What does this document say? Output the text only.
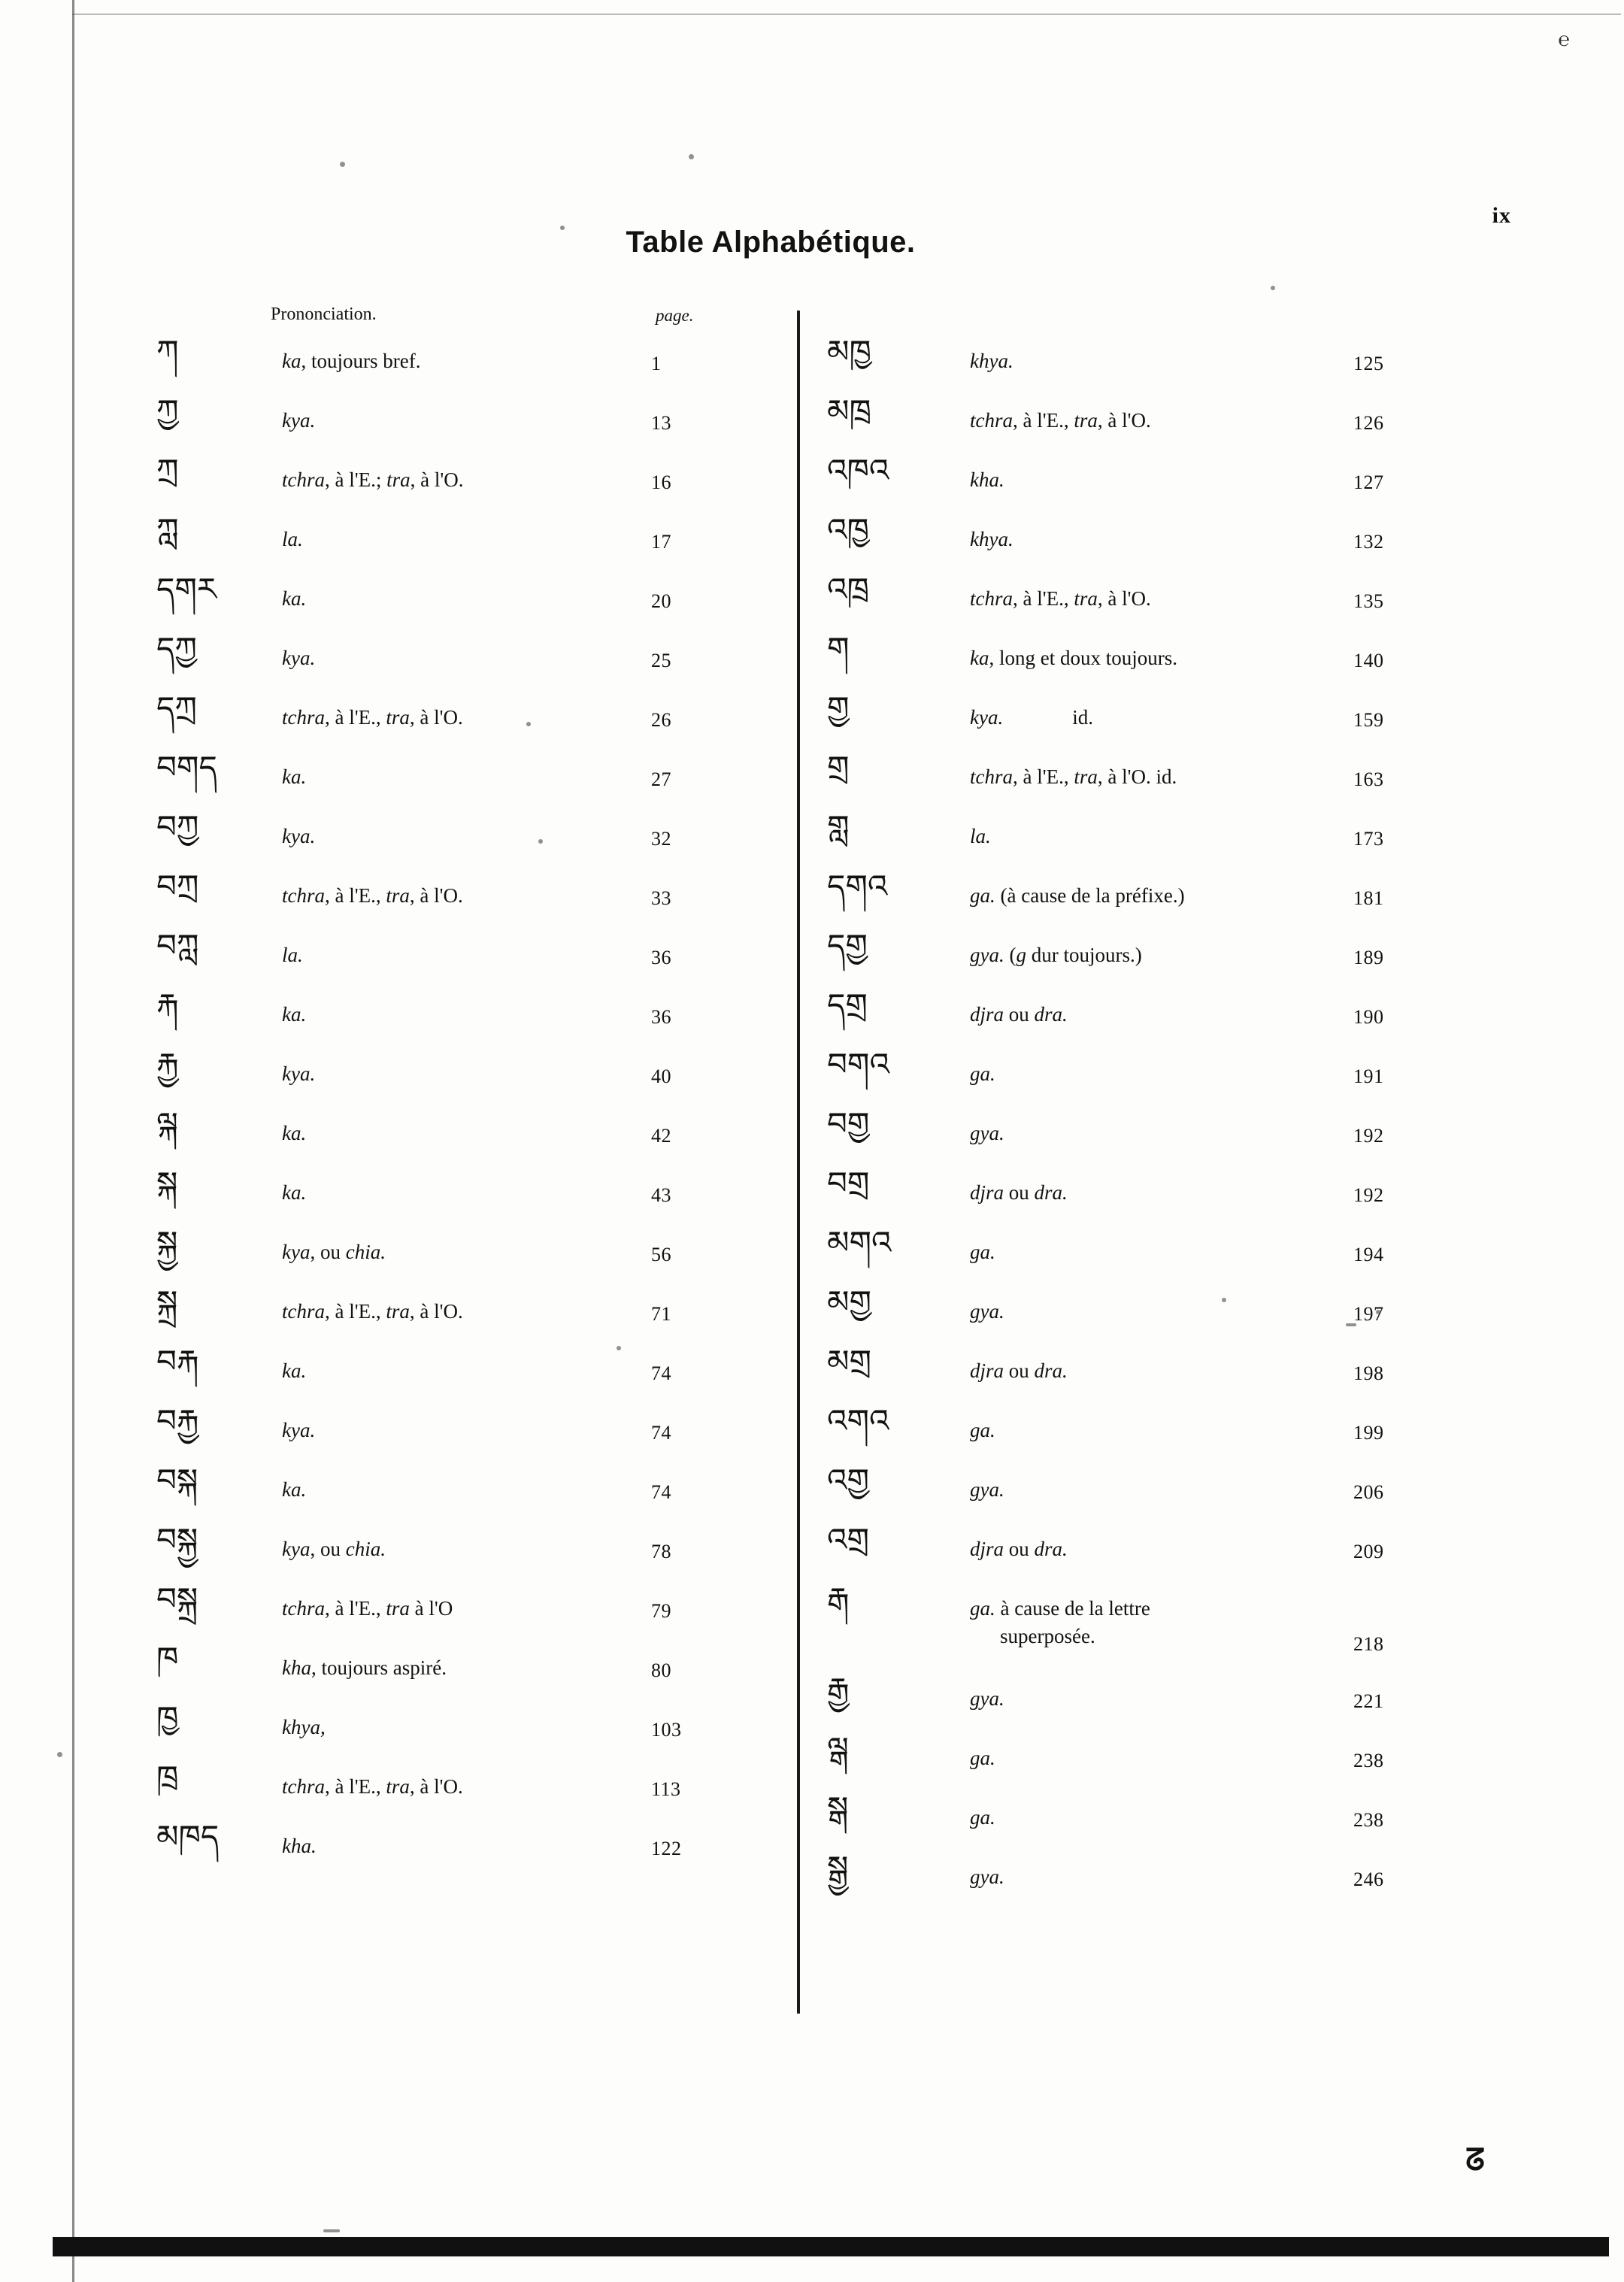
℮
ix
Table Alphabétique.
Prononciation.	page.
ཀ	ka, toujours bref.	1
ཀྱ	kya.	13
ཀྲ	tchra, à l'E.; tra, à l'O.	16
ཀླ	la.	17
དགར	ka.	20
དཀྱ	kya.	25
དཀྲ	tchra, à l'E., tra, à l'O.	26
བགད	ka.	27
བཀྱ	kya.	32
བཀྲ	tchra, à l'E., tra, à l'O.	33
བཀླ	la.	36
རྐ	ka.	36
རྐྱ	kya.	40
ལྐ	ka.	42
སྐ	ka.	43
སྐྱ	kya, ou chia.	56
སྐྲ	tchra, à l'E., tra, à l'O.	71
བརྐ	ka.	74
བརྐྱ	kya.	74
བསྐ	ka.	74
བསྐྱ	kya, ou chia.	78
བསྐྲ	tchra, à l'E., tra à l'O	79
ཁ	kha, toujours aspiré.	80
ཁྱ	khya,	103
ཁྲ	tchra, à l'E., tra, à l'O.	113
མཁད	kha.	122
མཁྱ	khya.	125
མཁྲ	tchra, à l'E., tra, à l'O.	126
འཁའ	kha.	127
འཁྱ	khya.	132
འཁྲ	tchra, à l'E., tra, à l'O.	135
ག	ka, long et doux toujours.	140
གྱ	kya.	id.	159
གྲ	tchra, à l'E., tra, à l'O. id.	163
གླ	la.	173
དགའ	ga. (à cause de la préfixe.)	181
དགྱ	gya. (g dur toujours.)	189
དགྲ	djra ou dra.	190
བགའ	ga.	191
བགྱ	gya.	192
བགྲ	djra ou dra.	192
མགའ	ga.	194
མགྱ	gya.	197
མགྲ	djra ou dra.	198
འགའ	ga.	199
འགྱ	gya.	206
འགྲ	djra ou dra.	209
རྒ	ga. à cause de la lettre
superposée.	218
རྒྱ	gya.	221
ལྒ	ga.	238
སྒ	ga.	238
སྒྱ	gya.	246
ᘔ
